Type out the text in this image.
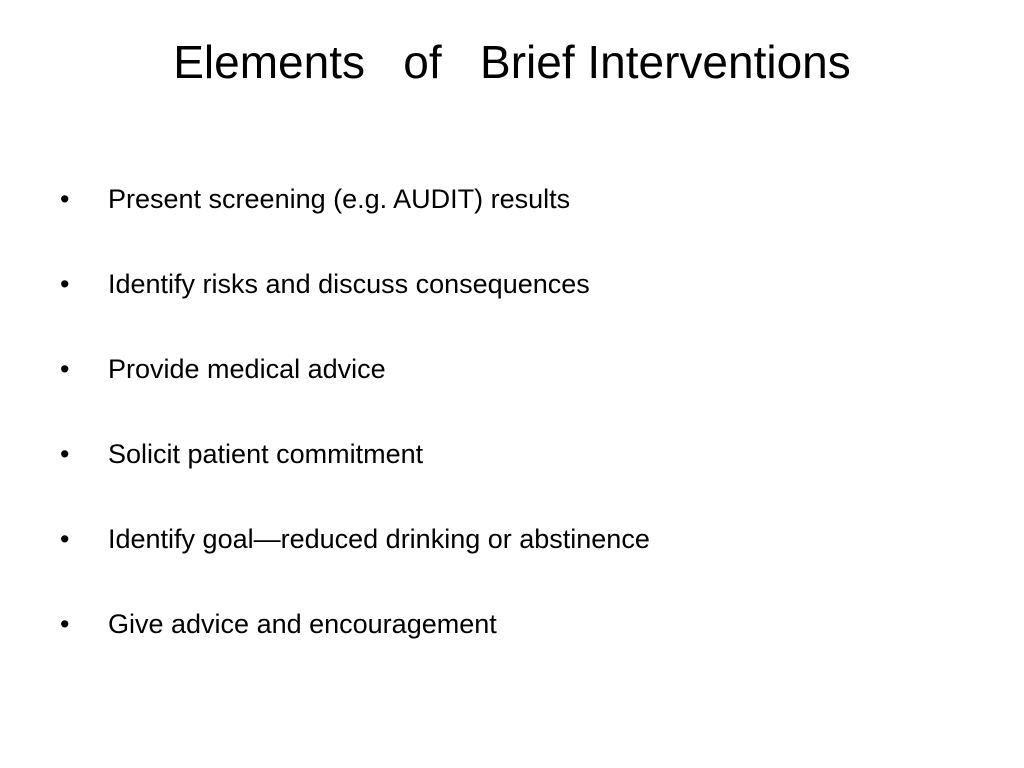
Elements   of   Brief Interventions
• Present screening (e.g. AUDIT) results
• Identify risks and discuss consequences
• Provide medical advice
• Solicit patient commitment
• Identify goal—reduced drinking or abstinence
• Give advice and encouragement
